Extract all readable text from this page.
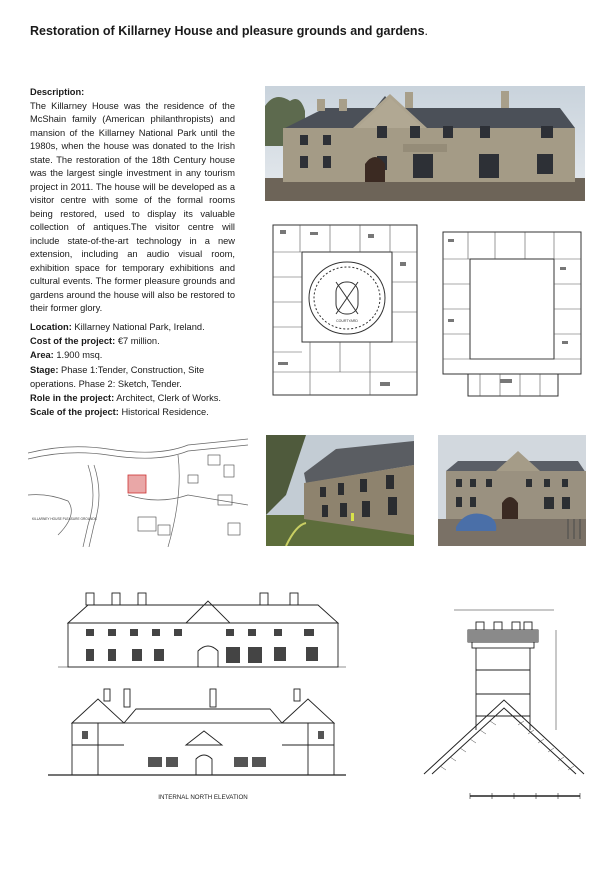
Restoration of Killarney House and pleasure grounds and gardens.
Description:

The Killarney House was the residence of the McShain family (American philanthropists) and mansion of the Killarney National Park until the 1980s, when the house was donated to the Irish state. The restoration of the 18th Century house was the largest single investment in any tourism project in 2011. The house will be developed as a visitor centre with some of the formal rooms being restored, used to display its valuable collection of antiques.The visitor centre will include state-of-the-art technology in a new extension, including an audio visual room, exhibition space for temporary exhibitions and cultural events. The former pleasure grounds and gardens around the house will also be restored to their former glory.

Location: Killarney National Park, Ireland.
Cost of the project: €7 million.
Area: 1.900 msq.
Stage: Phase 1:Tender, Construction, Site operations. Phase 2: Sketch, Tender.
Role in the project: Architect, Clerk of Works.
Scale of the project: Historical Residence.
COURTYARD
KILLARNEY HOUSE PLEASURE GROUNDS
INTERNAL NORTH ELEVATION
